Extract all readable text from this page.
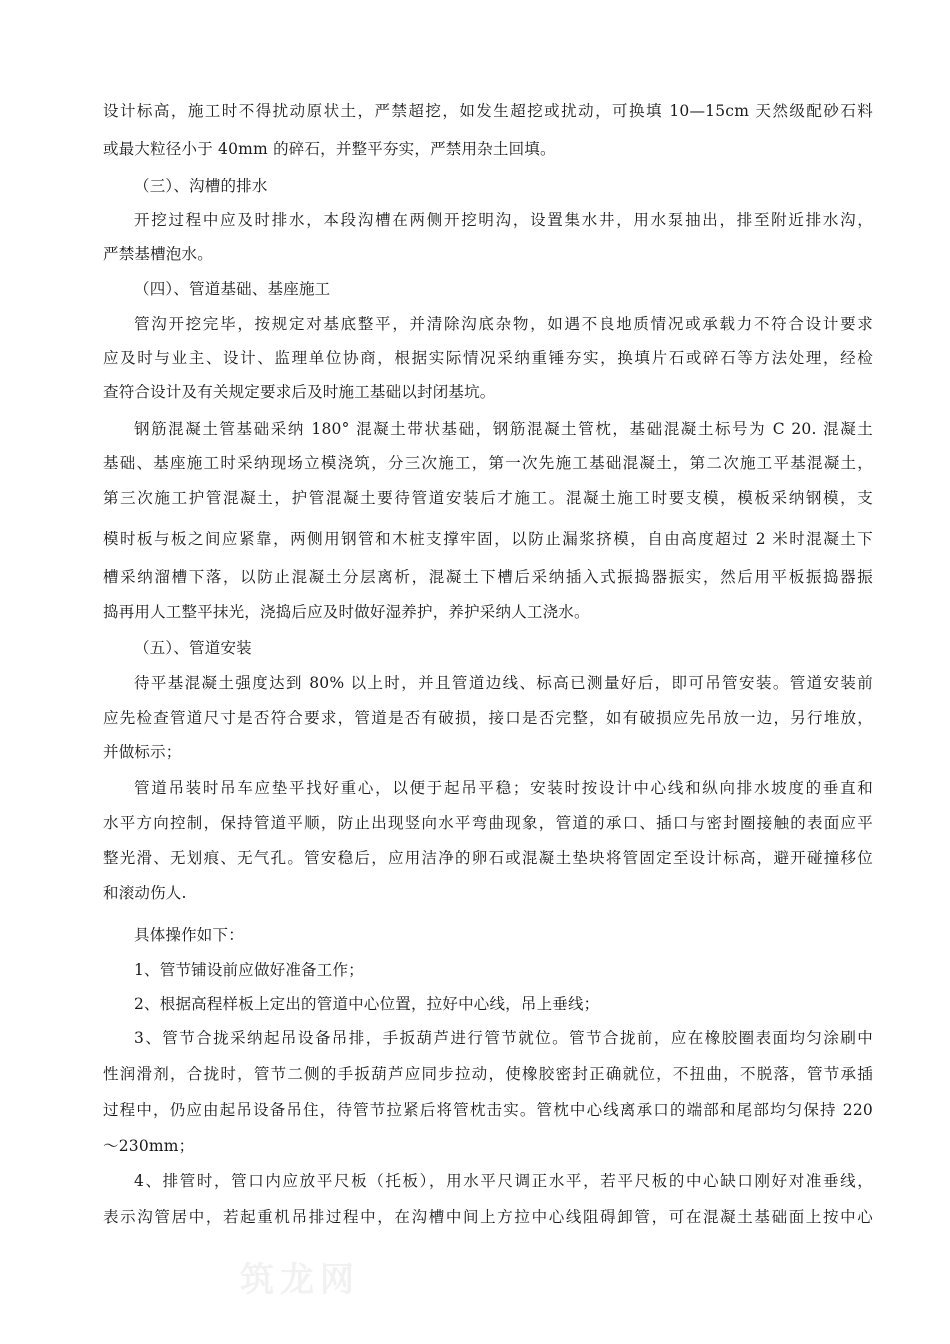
设计标高，施工时不得扰动原状土，严禁超挖，如发生超挖或扰动，可换填 10—15cm 天然级配砂石料
或最大粒径小于 40mm 的碎石，并整平夯实，严禁用杂土回填。
（三）、沟槽的排水
开挖过程中应及时排水，本段沟槽在两侧开挖明沟，设置集水井，用水泵抽出，排至附近排水沟，
严禁基槽泡水。
（四）、管道基础、基座施工
管沟开挖完毕，按规定对基底整平，并清除沟底杂物，如遇不良地质情况或承载力不符合设计要求
应及时与业主、设计、监理单位协商，根据实际情况采纳重锤夯实，换填片石或碎石等方法处理，经检
查符合设计及有关规定要求后及时施工基础以封闭基坑。
钢筋混凝土管基础采纳 180° 混凝土带状基础，钢筋混凝土管枕，基础混凝土标号为 C 20. 混凝土
基础、基座施工时采纳现场立模浇筑，分三次施工，第一次先施工基础混凝土，第二次施工平基混凝土，
第三次施工护管混凝土，护管混凝土要待管道安装后才施工。混凝土施工时要支模，模板采纳钢模，支
模时板与板之间应紧靠，两侧用钢管和木桩支撑牢固，以防止漏浆挤模，自由高度超过 2 米时混凝土下
槽采纳溜槽下落，以防止混凝土分层离析，混凝土下槽后采纳插入式振捣器振实，然后用平板振捣器振
捣再用人工整平抹光，浇捣后应及时做好湿养护，养护采纳人工浇水。
（五）、管道安装
待平基混凝土强度达到 80% 以上时，并且管道边线、标高已测量好后，即可吊管安装。管道安装前
应先检查管道尺寸是否符合要求，管道是否有破损，接口是否完整，如有破损应先吊放一边，另行堆放，
并做标示；
管道吊装时吊车应垫平找好重心，以便于起吊平稳；安装时按设计中心线和纵向排水坡度的垂直和
水平方向控制，保持管道平顺，防止出现竖向水平弯曲现象，管道的承口、插口与密封圈接触的表面应平
整光滑、无划痕、无气孔。管安稳后，应用洁净的卵石或混凝土垫块将管固定至设计标高，避开碰撞移位
和滚动伤人.
具体操作如下：
1、管节铺设前应做好准备工作；
2、根据高程样板上定出的管道中心位置，拉好中心线，吊上垂线；
3、管节合拢采纳起吊设备吊排，手扳葫芦进行管节就位。管节合拢前，应在橡胶圈表面均匀涂刷中
性润滑剂，合拢时，管节二侧的手扳葫芦应同步拉动，使橡胶密封正确就位，不扭曲，不脱落，管节承插
过程中，仍应由起吊设备吊住，待管节拉紧后将管枕击实。管枕中心线离承口的端部和尾部均匀保持 220
～230mm；
4、排管时，管口内应放平尺板（托板），用水平尺调正水平，若平尺板的中心缺口刚好对准垂线，
表示沟管居中，若起重机吊排过程中，在沟槽中间上方拉中心线阻碍卸管，可在混凝土基础面上按中心
筑龙网
